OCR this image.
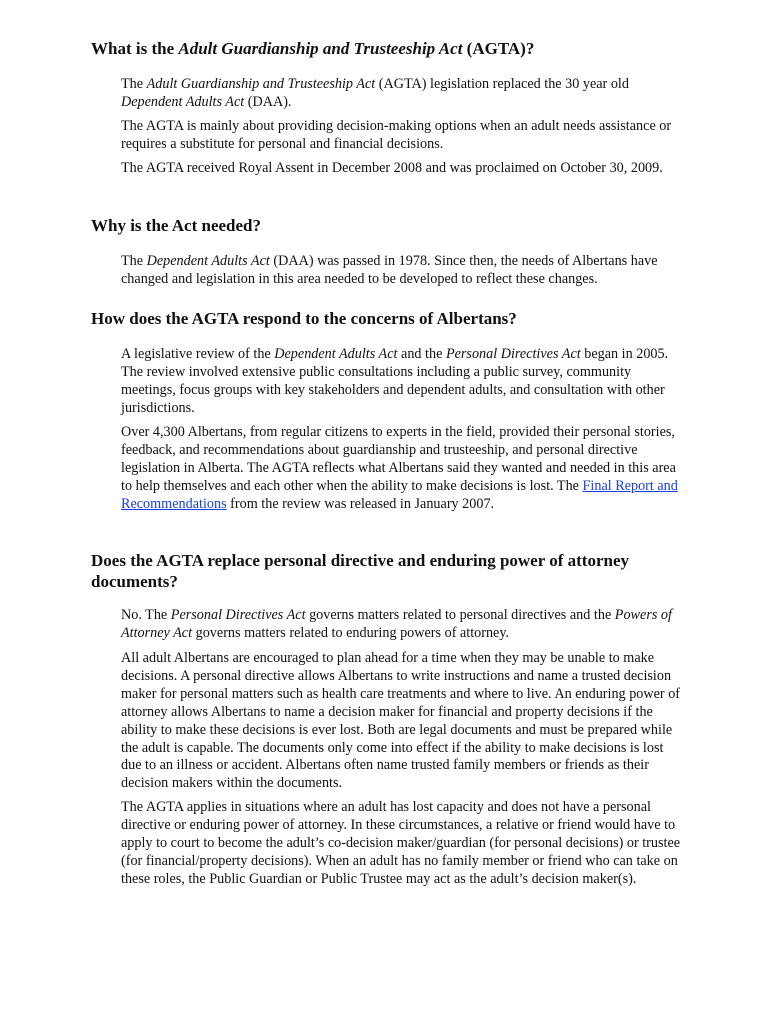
What is the Adult Guardianship and Trusteeship Act (AGTA)?

The Adult Guardianship and Trusteeship Act (AGTA) legislation replaced the 30 year old Dependent Adults Act (DAA).

The AGTA is mainly about providing decision-making options when an adult needs assistance or requires a substitute for personal and financial decisions.

The AGTA received Royal Assent in December 2008 and was proclaimed on October 30, 2009.

Why is the Act needed?

The Dependent Adults Act (DAA) was passed in 1978. Since then, the needs of Albertans have changed and legislation in this area needed to be developed to reflect these changes.

How does the AGTA respond to the concerns of Albertans?

A legislative review of the Dependent Adults Act and the Personal Directives Act began in 2005. The review involved extensive public consultations including a public survey, community meetings, focus groups with key stakeholders and dependent adults, and consultation with other jurisdictions.

Over 4,300 Albertans, from regular citizens to experts in the field, provided their personal stories, feedback, and recommendations about guardianship and trusteeship, and personal directive legislation in Alberta. The AGTA reflects what Albertans said they wanted and needed in this area to help themselves and each other when the ability to make decisions is lost. The Final Report and Recommendations from the review was released in January 2007.

Does the AGTA replace personal directive and enduring power of attorney documents?

No. The Personal Directives Act governs matters related to personal directives and the Powers of Attorney Act governs matters related to enduring powers of attorney.

All adult Albertans are encouraged to plan ahead for a time when they may be unable to make decisions. A personal directive allows Albertans to write instructions and name a trusted decision maker for personal matters such as health care treatments and where to live. An enduring power of attorney allows Albertans to name a decision maker for financial and property decisions if the ability to make these decisions is ever lost. Both are legal documents and must be prepared while the adult is capable. The documents only come into effect if the ability to make decisions is lost due to an illness or accident. Albertans often name trusted family members or friends as their decision makers within the documents.

The AGTA applies in situations where an adult has lost capacity and does not have a personal directive or enduring power of attorney. In these circumstances, a relative or friend would have to apply to court to become the adult’s co-decision maker/guardian (for personal decisions) or trustee (for financial/property decisions). When an adult has no family member or friend who can take on these roles, the Public Guardian or Public Trustee may act as the adult’s decision maker(s).
